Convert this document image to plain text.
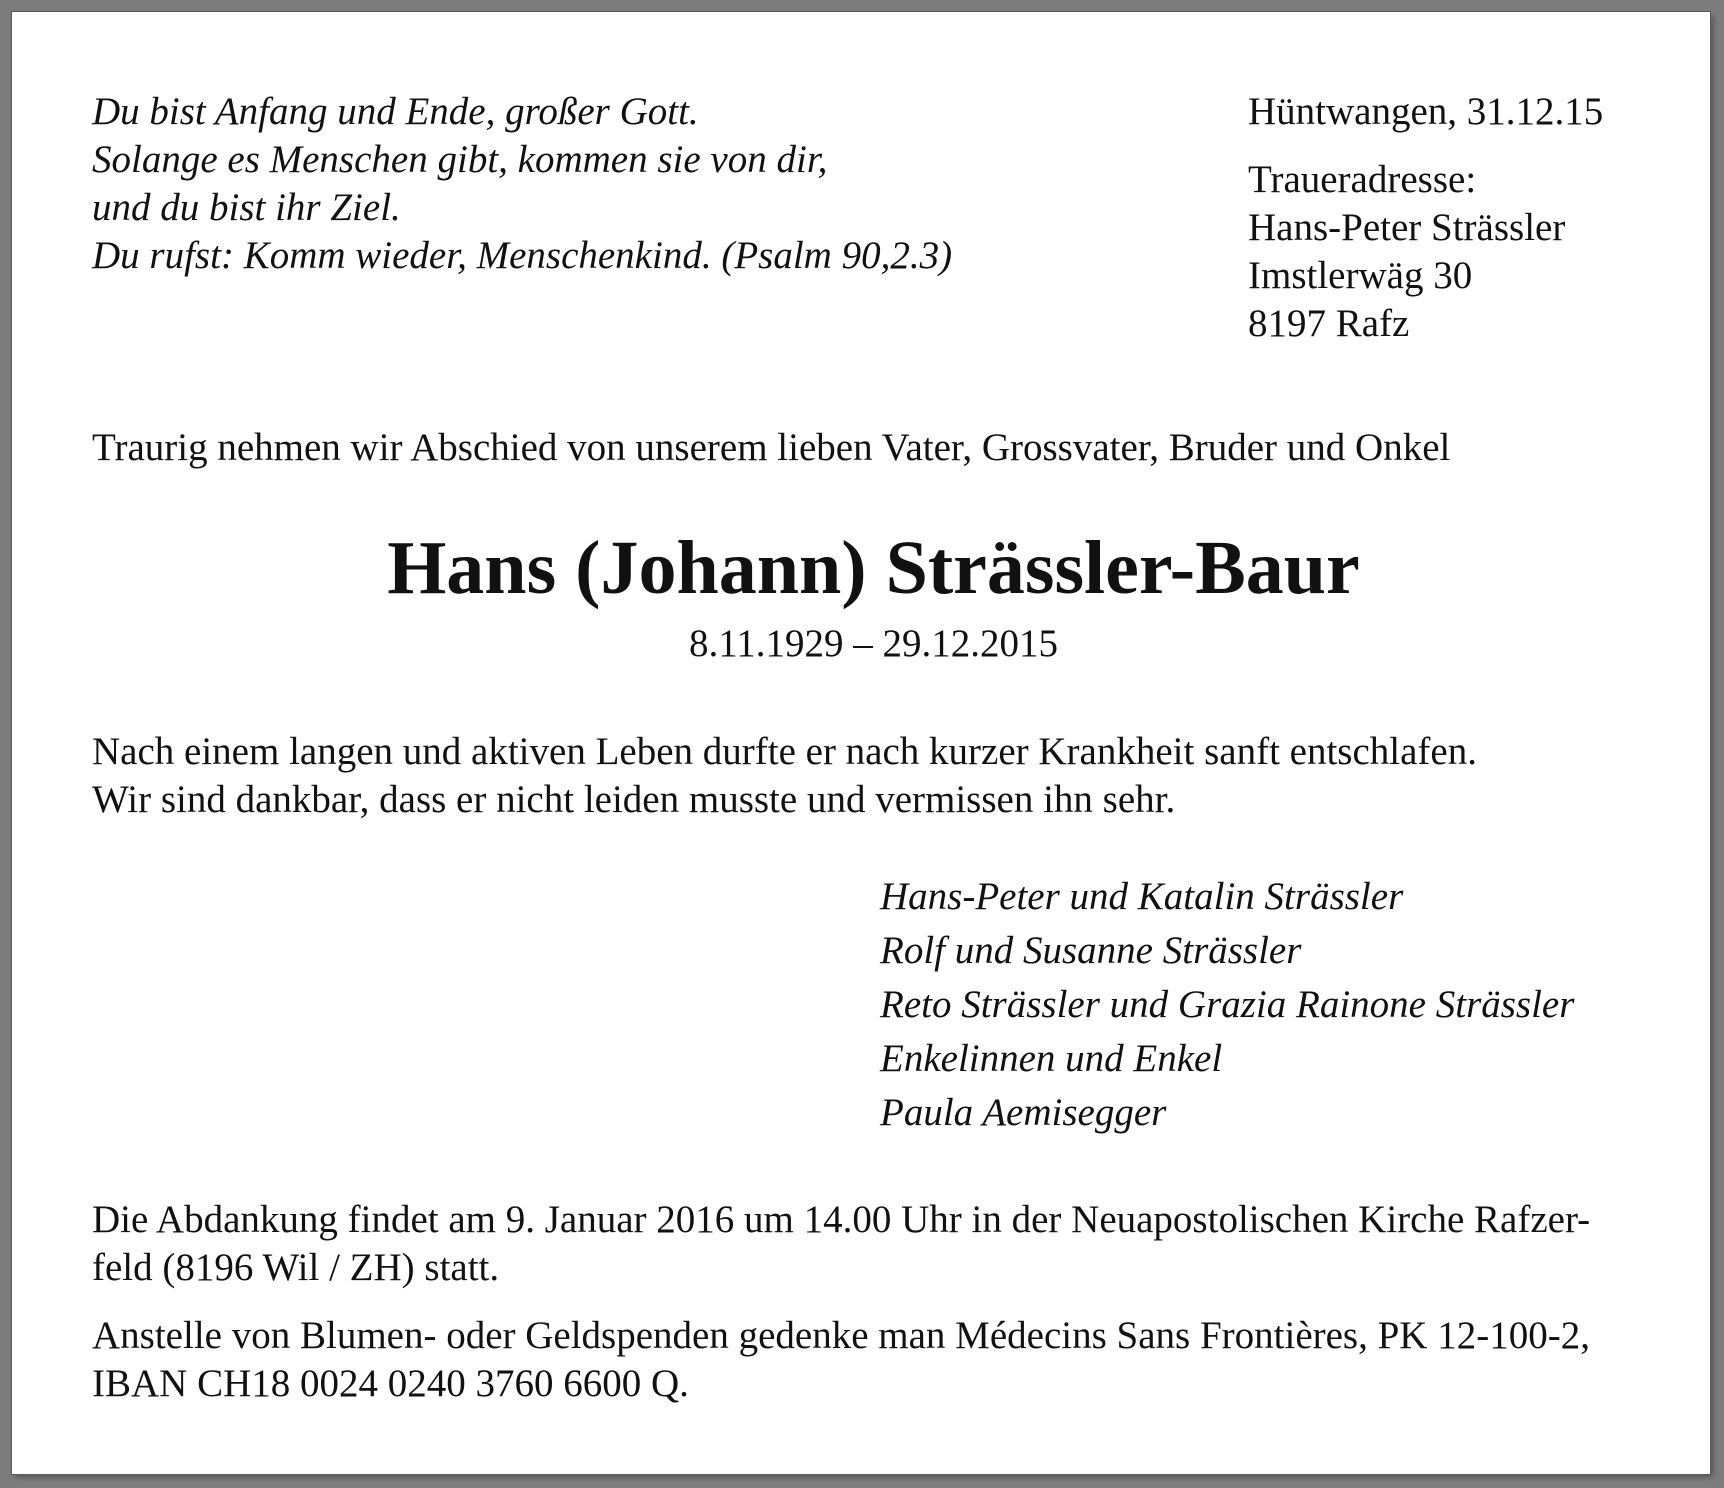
Du bist Anfang und Ende, großer Gott.
Solange es Menschen gibt, kommen sie von dir,
und du bist ihr Ziel.
Du rufst: Komm wieder, Menschenkind. (Psalm 90,2.3)
Hüntwangen, 31.12.15
Traueradresse:
Hans-Peter Strässler
Imstlerwäg 30
8197 Rafz
Traurig nehmen wir Abschied von unserem lieben Vater, Grossvater, Bruder und Onkel
Hans (Johann) Strässler-Baur
8.11.1929 – 29.12.2015
Nach einem langen und aktiven Leben durfte er nach kurzer Krankheit sanft entschlafen.
Wir sind dankbar, dass er nicht leiden musste und vermissen ihn sehr.
Hans-Peter und Katalin Strässler
Rolf und Susanne Strässler
Reto Strässler und Grazia Rainone Strässler
Enkelinnen und Enkel
Paula Aemisegger
Die Abdankung findet am 9. Januar 2016 um 14.00 Uhr in der Neuapostolischen Kirche Rafzer-
feld (8196 Wil / ZH) statt.
Anstelle von Blumen- oder Geldspenden gedenke man Médecins Sans Frontières, PK 12-100-2,
IBAN CH18 0024 0240 3760 6600 Q.
